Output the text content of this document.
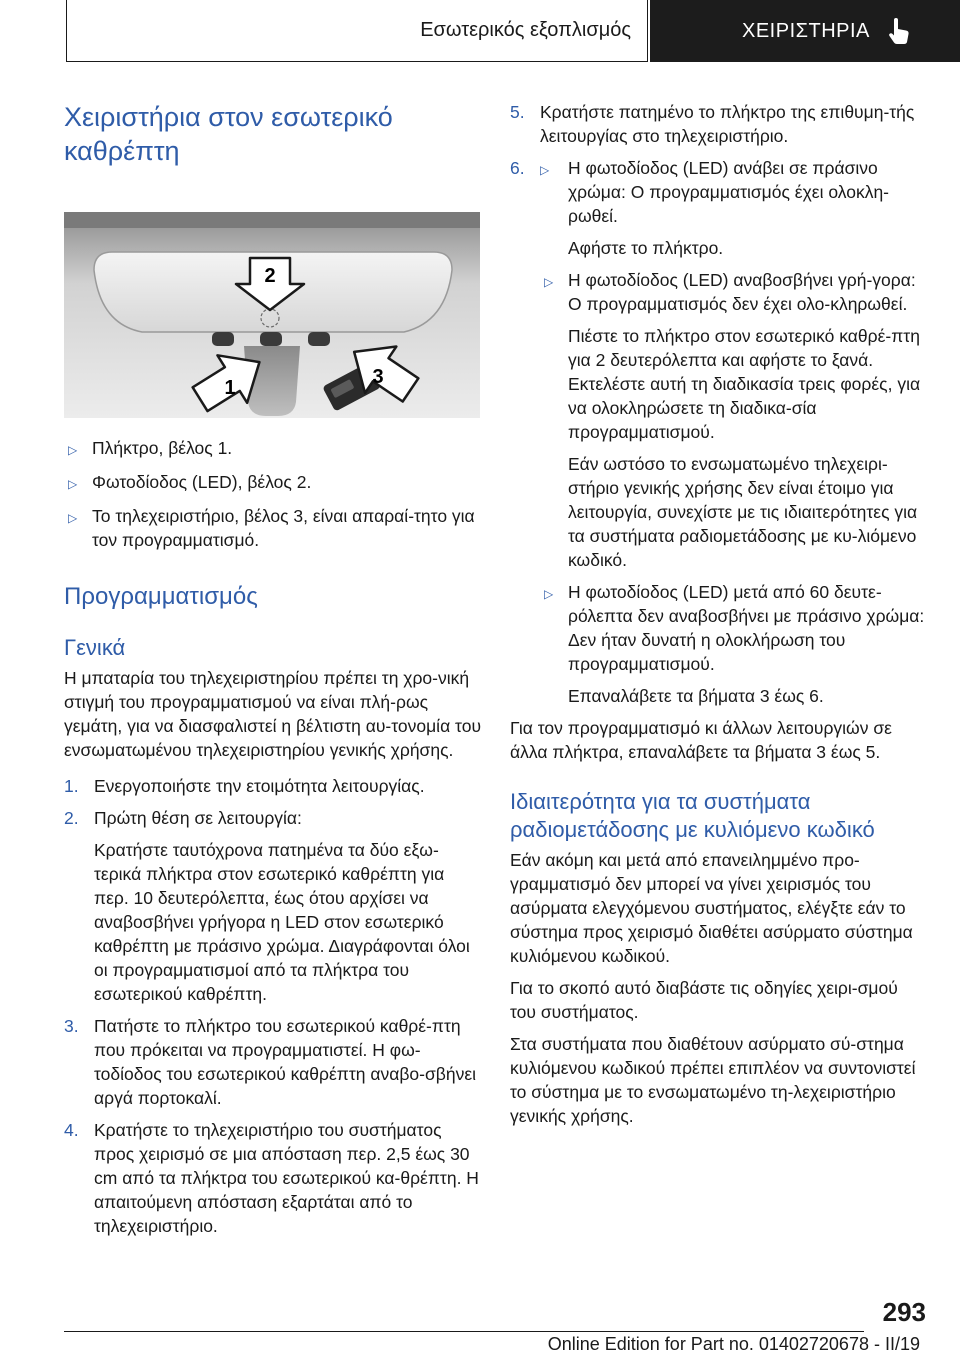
Εσωτερικός εξοπλισμός	ΧΕΙΡΙΣΤΗΡΙΑ
Χειριστήρια στον εσωτερικό καθρέπτη
2
1	3
▷ Πλήκτρο, βέλος 1.
▷ Φωτοδίοδος (LED), βέλος 2.
▷ Το τηλεχειριστήριο, βέλος 3, είναι απαραί-τητο για τον προγραμματισμό.
Προγραμματισμός
Γενικά

Η μπαταρία του τηλεχειριστηρίου πρέπει τη χρο-νική στιγμή του προγραμματισμού να είναι πλή-ρως γεμάτη, για να διασφαλιστεί η βέλτιστη αυ-τονομία του ενσωματωμένου τηλεχειριστηρίου γενικής χρήσης.

1. Ενεργοποιήστε την ετοιμότητα λειτουργίας.
2. Πρώτη θέση σε λειτουργία:

Κρατήστε ταυτόχρονα πατημένα τα δύο εξω-τερικά πλήκτρα στον εσωτερικό καθρέπτη για περ. 10 δευτερόλεπτα, έως ότου αρχίσει να αναβοσβήνει γρήγορα η LED στον εσωτερικό καθρέπτη με πράσινο χρώμα. Διαγράφονται όλοι οι προγραμματισμοί από τα πλήκτρα του εσωτερικού καθρέπτη.

3. Πατήστε το πλήκτρο του εσωτερικού καθρέ-πτη που πρόκειται να προγραμματιστεί. Η φω-τοδίοδος του εσωτερικού καθρέπτη αναβο-σβήνει αργά πορτοκαλί.
4. Κρατήστε το τηλεχειριστήριο του συστήματος προς χειρισμό σε μια απόσταση περ. 2,5 έως 30 cm από τα πλήκτρα του εσωτερικού κα-θρέπτη. Η απαιτούμενη απόσταση εξαρτάται από το τηλεχειριστήριο.
5. Κρατήστε πατημένο το πλήκτρο της επιθυμη-τής λειτουργίας στο τηλεχειριστήριο.
6.	▷	Η φωτοδίοδος (LED) ανάβει σε πράσινο χρώμα: Ο προγραμματισμός έχει ολοκλη-ρωθεί.

Αφήστε το πλήκτρο.

▷ Η φωτοδίοδος (LED) αναβοσβήνει γρή-γορα: Ο προγραμματισμός δεν έχει ολο-κληρωθεί.

Πιέστε το πλήκτρο στον εσωτερικό καθρέ-πτη για 2 δευτερόλεπτα και αφήστε το ξανά. Εκτελέστε αυτή τη διαδικασία τρεις φορές, για να ολοκληρώσετε τη διαδικα-σία προγραμματισμού.

Εάν ωστόσο το ενσωματωμένο τηλεχειρι-στήριο γενικής χρήσης δεν είναι έτοιμο για λειτουργία, συνεχίστε με τις ιδιαιτερότητες για τα συστήματα ραδιομετάδοσης με κυ-λιόμενο κωδικό.

▷ Η φωτοδίοδος (LED) μετά από 60 δευτε-ρόλεπτα δεν αναβοσβήνει με πράσινο χρώμα: Δεν ήταν δυνατή η ολοκλήρωση του προγραμματισμού.

Επαναλάβετε τα βήματα 3 έως 6.

Για τον προγραμματισμό κι άλλων λειτουργιών σε άλλα πλήκτρα, επαναλάβετε τα βήματα 3 έως 5.

Ιδιαιτερότητα για τα συστήματα ραδιομετάδοσης με κυλιόμενο κωδικό

Εάν ακόμη και μετά από επανειλημμένο προ-γραμματισμό δεν μπορεί να γίνει χειρισμός του ασύρματα ελεγχόμενου συστήματος, ελέγξτε εάν το σύστημα προς χειρισμό διαθέτει ασύρματο σύστημα κυλιόμενου κωδικού.

Για το σκοπό αυτό διαβάστε τις οδηγίες χειρι-σμού του συστήματος.

Στα συστήματα που διαθέτουν ασύρματο σύ-στημα κυλιόμενου κωδικού πρέπει επιπλέον να συντονιστεί το σύστημα με το ενσωματωμένο τη-λεχειριστήριο γενικής χρήσης.

293
Online Edition for Part no. 01402720678 - II/19
